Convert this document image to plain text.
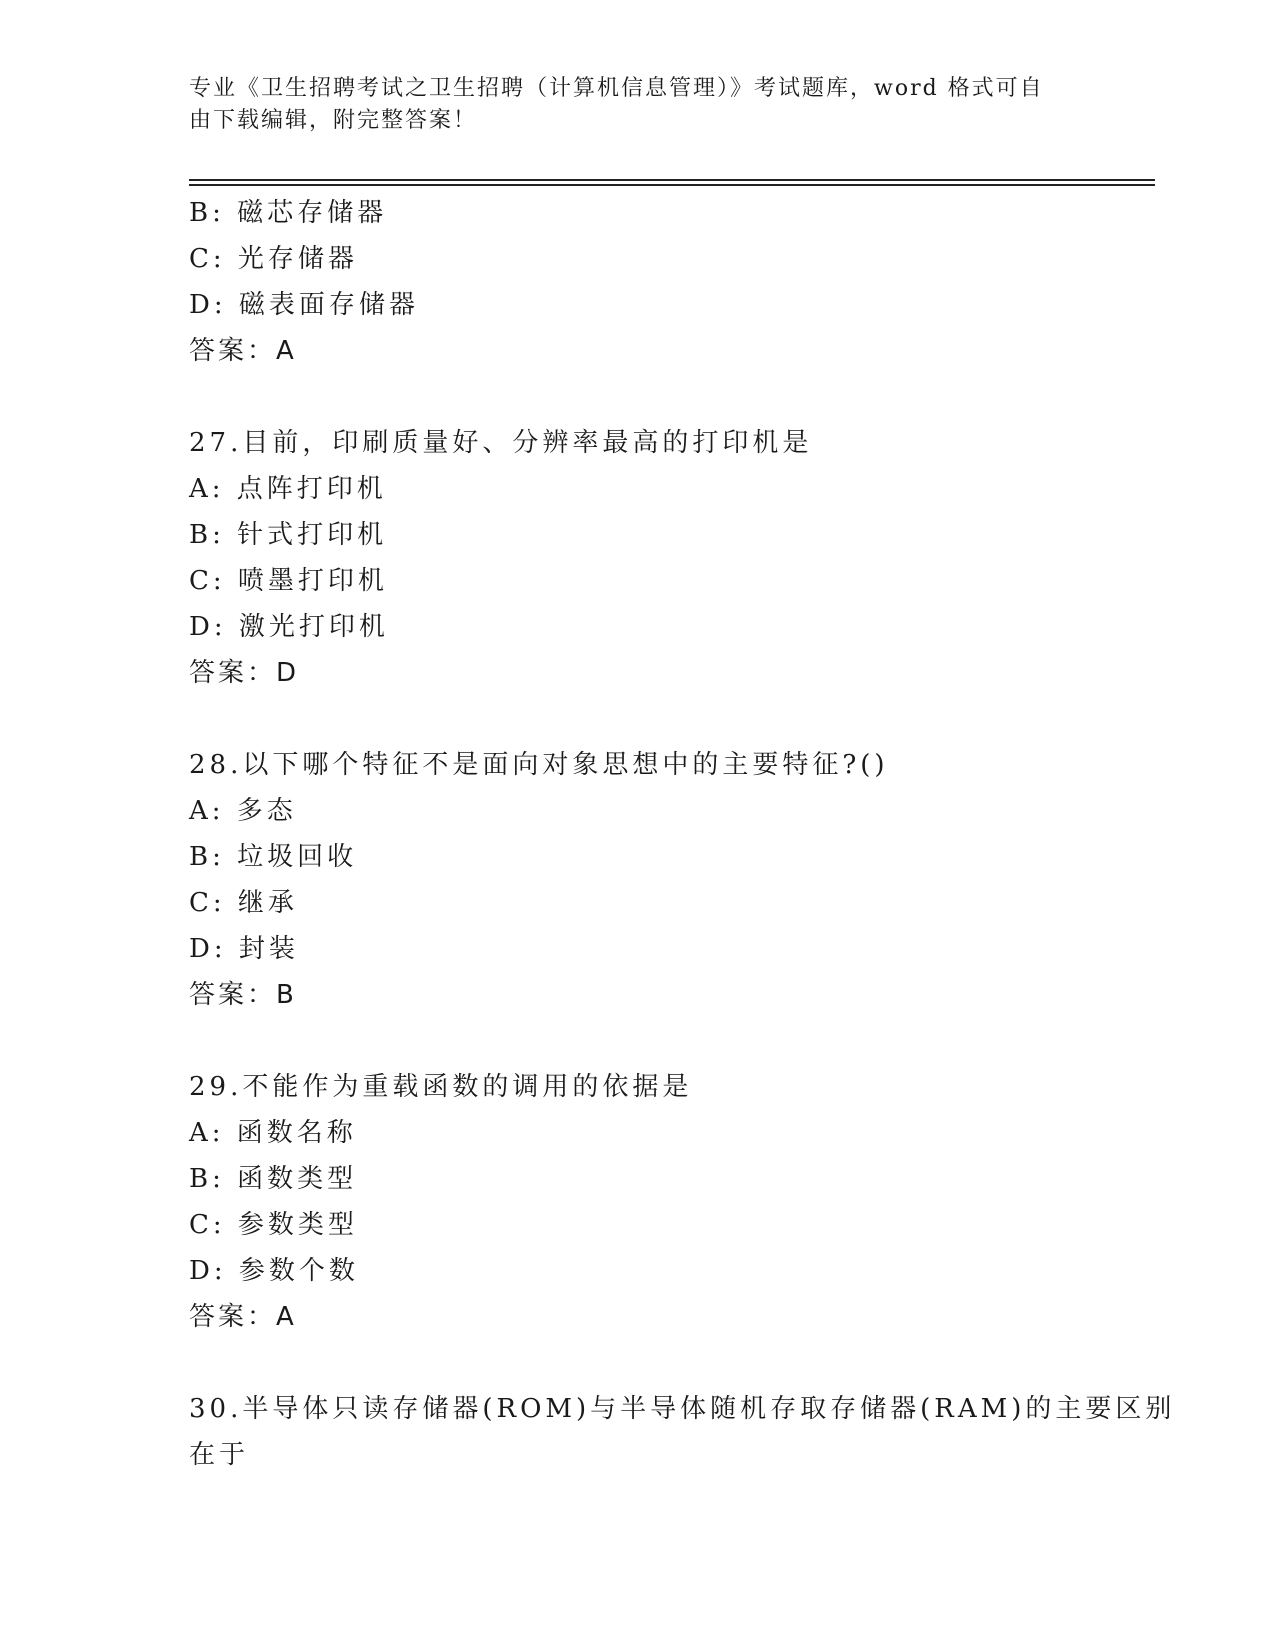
专业《卫生招聘考试之卫生招聘（计算机信息管理）》考试题库，word 格式可自
由下载编辑，附完整答案！
B: 磁芯存储器
C: 光存储器
D: 磁表面存储器
答案：A
27.目前，印刷质量好、分辨率最高的打印机是
A: 点阵打印机
B: 针式打印机
C: 喷墨打印机
D: 激光打印机
答案：D
28.以下哪个特征不是面向对象思想中的主要特征?()
A: 多态
B: 垃圾回收
C: 继承
D: 封装
答案：B
29.不能作为重载函数的调用的依据是
A: 函数名称
B: 函数类型
C: 参数类型
D: 参数个数
答案：A
30.半导体只读存储器(ROM)与半导体随机存取存储器(RAM)的主要区别
在于
